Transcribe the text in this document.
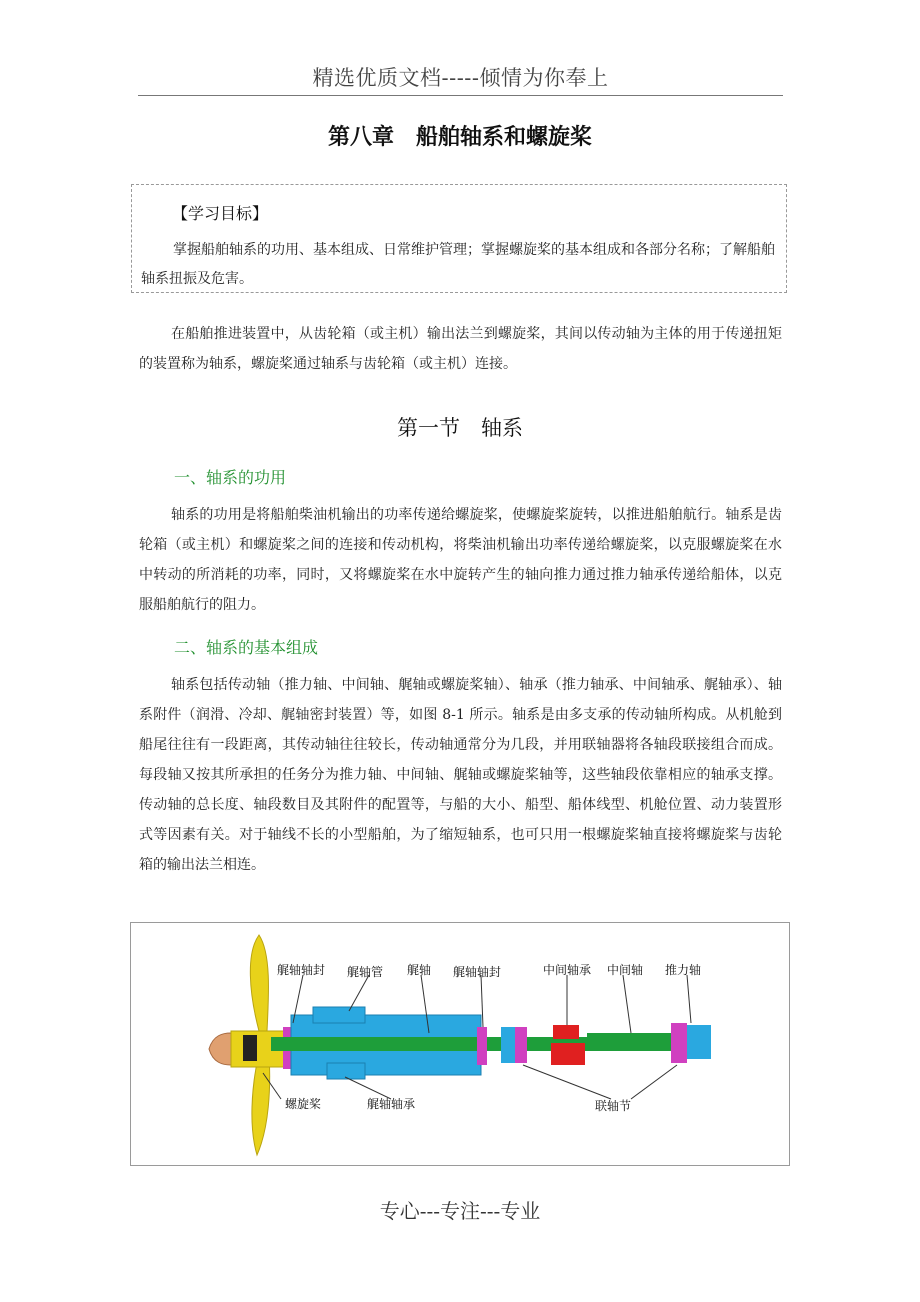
精选优质文档-----倾情为你奉上
第八章　船舶轴系和螺旋桨
【学习目标】
掌握船舶轴系的功用、基本组成、日常维护管理；掌握螺旋桨的基本组成和各部分名称；了解船舶轴系扭振及危害。
在船舶推进装置中，从齿轮箱（或主机）输出法兰到螺旋桨，其间以传动轴为主体的用于传递扭矩的装置称为轴系，螺旋桨通过轴系与齿轮箱（或主机）连接。
第一节　轴系
一、轴系的功用
轴系的功用是将船舶柴油机输出的功率传递给螺旋桨，使螺旋桨旋转，以推进船舶航行。轴系是齿轮箱（或主机）和螺旋桨之间的连接和传动机构，将柴油机输出功率传递给螺旋桨，以克服螺旋桨在水中转动的所消耗的功率，同时，又将螺旋桨在水中旋转产生的轴向推力通过推力轴承传递给船体，以克服船舶航行的阻力。
二、轴系的基本组成
轴系包括传动轴（推力轴、中间轴、艉轴或螺旋桨轴）、轴承（推力轴承、中间轴承、艉轴承）、轴系附件（润滑、冷却、艉轴密封装置）等，如图 8-1 所示。轴系是由多支承的传动轴所构成。从机舱到船尾往往有一段距离，其传动轴往往较长，传动轴通常分为几段，并用联轴器将各轴段联接组合而成。每段轴又按其所承担的任务分为推力轴、中间轴、艉轴或螺旋桨轴等，这些轴段依靠相应的轴承支撑。传动轴的总长度、轴段数目及其附件的配置等，与船的大小、船型、船体线型、机舱位置、动力装置形式等因素有关。对于轴线不长的小型船舶，为了缩短轴系，也可只用一根螺旋桨轴直接将螺旋桨与齿轮箱的输出法兰相连。
艉轴轴封 艉轴管 艉轴 艉轴轴封	中间轴承 中间轴 推力轴
螺旋桨	艉轴轴承	联轴节
专心---专注---专业
